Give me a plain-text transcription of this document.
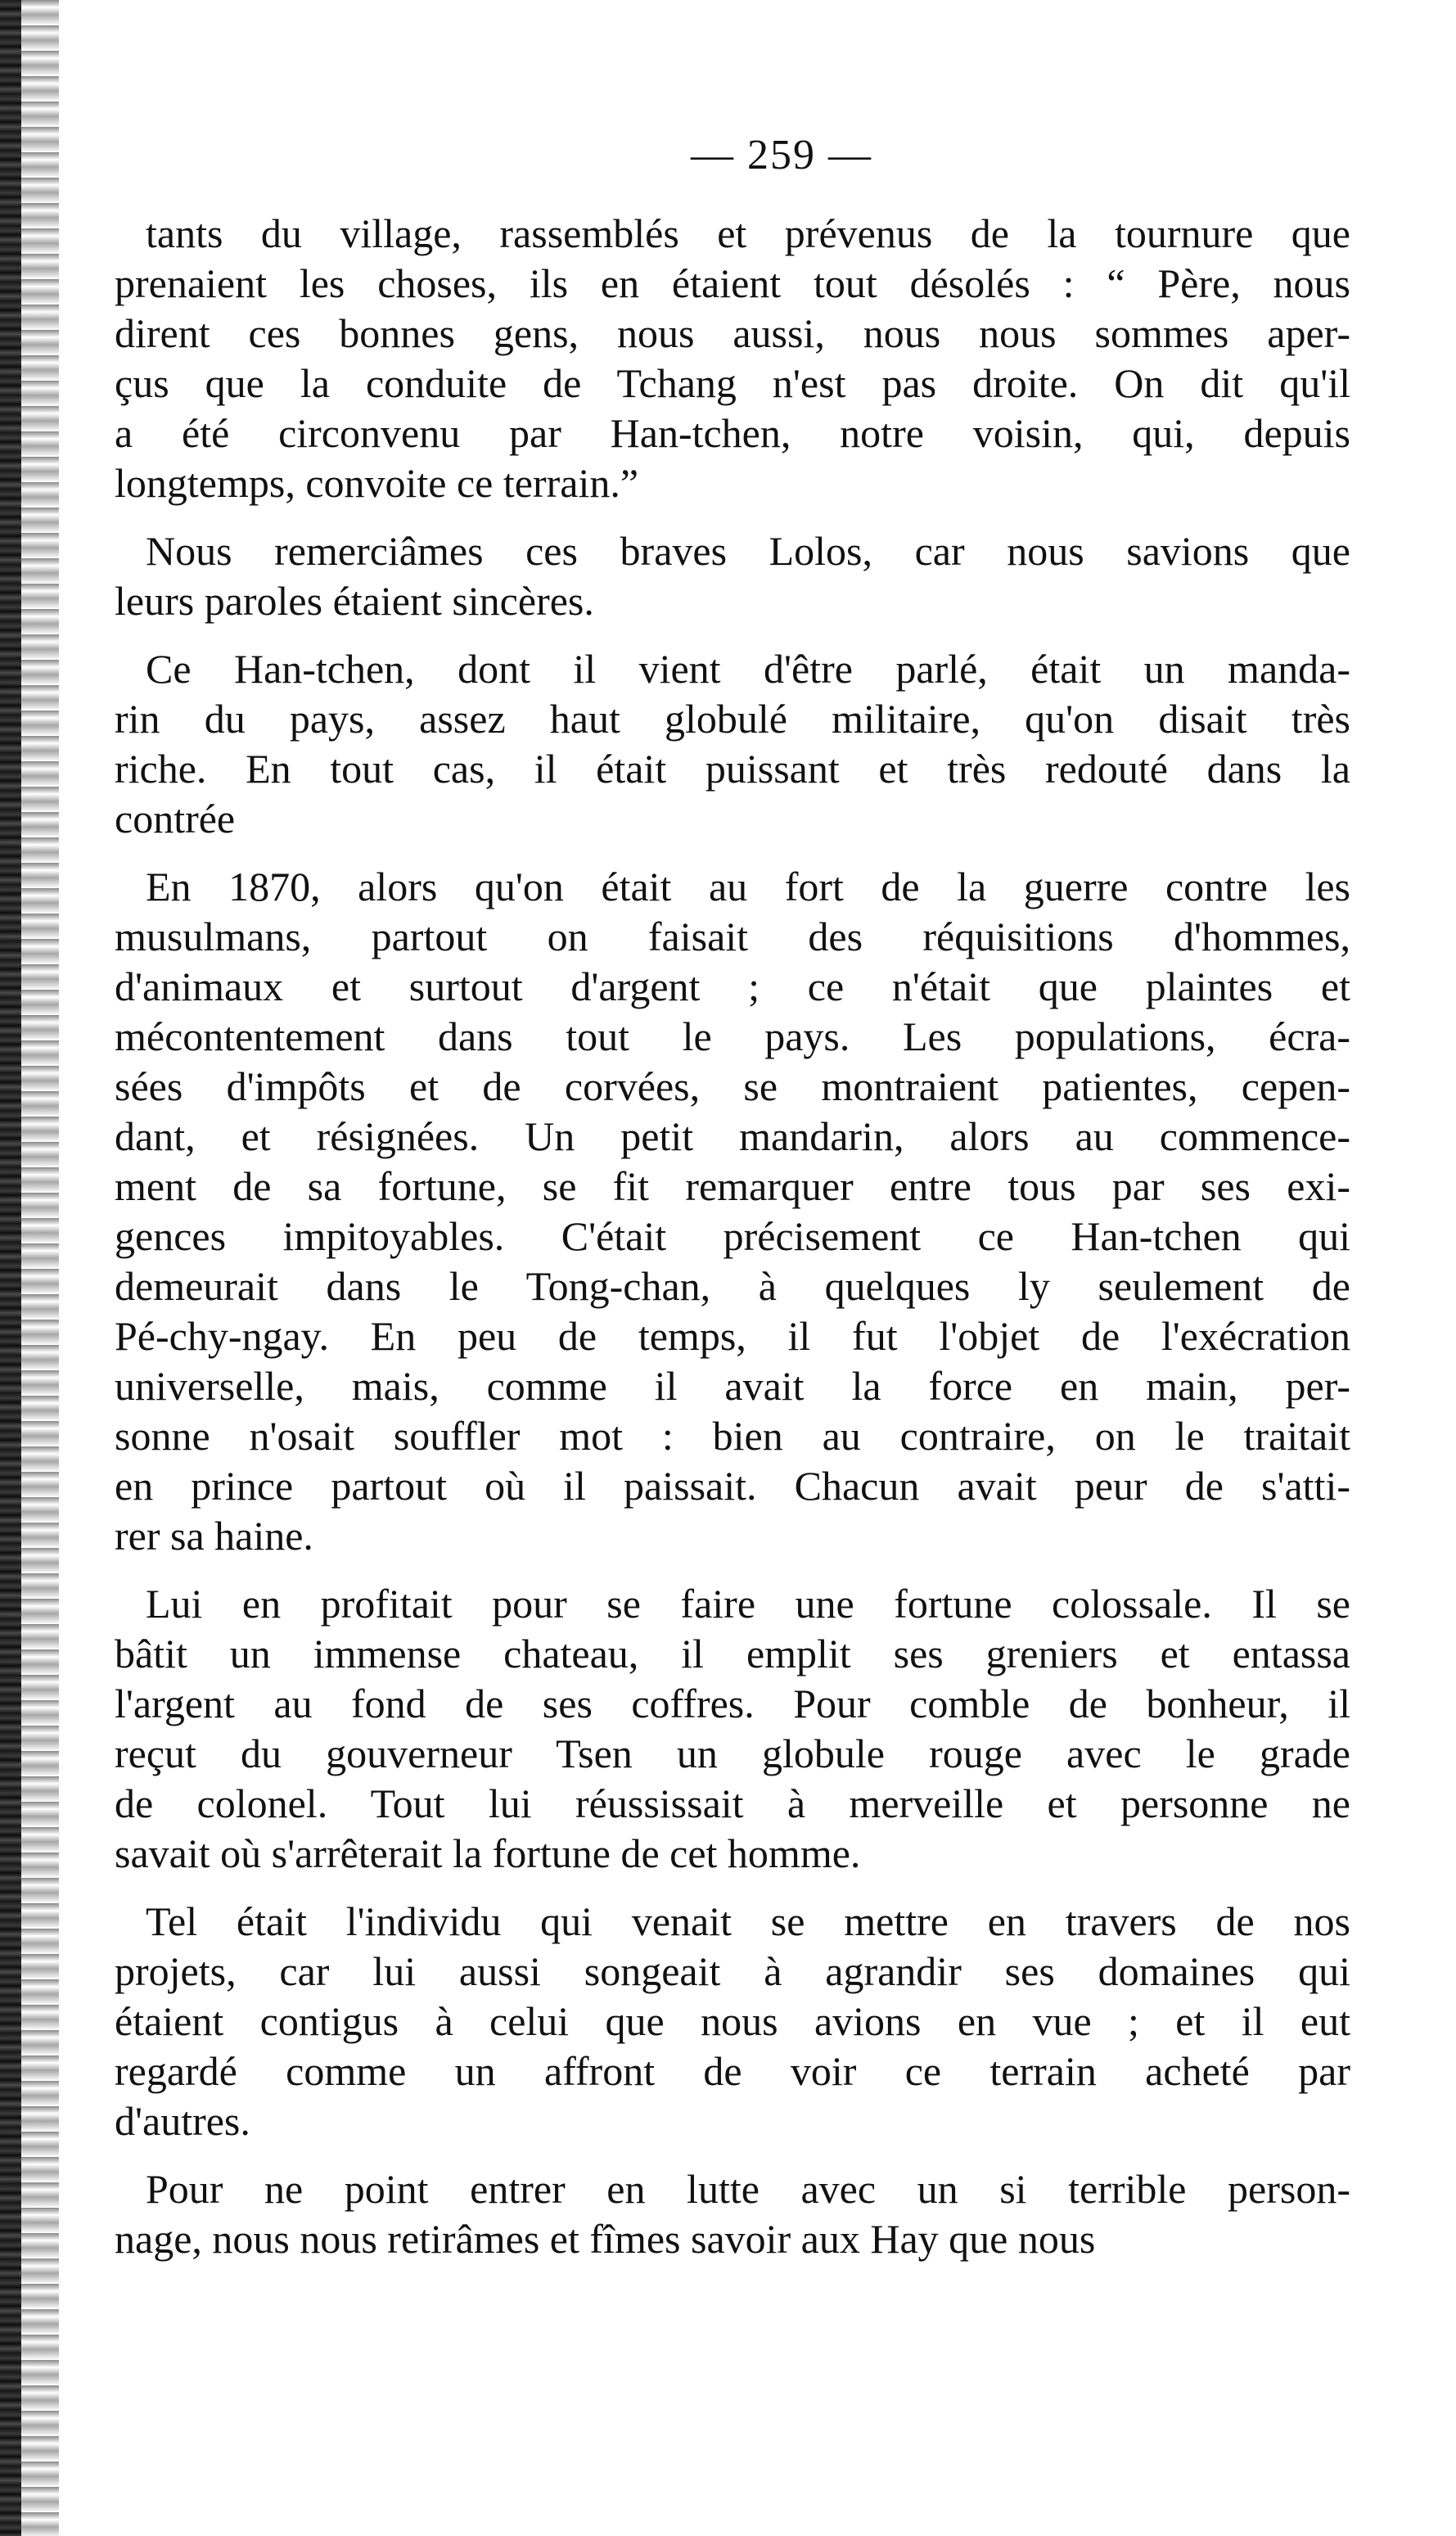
— 259 —
tants du village, rassemblés et prévenus de la tournure que
prenaient les choses, ils en étaient tout désolés : “ Père, nous
dirent ces bonnes gens, nous aussi, nous nous sommes aper-
çus que la conduite de Tchang n'est pas droite. On dit qu'il
a été circonvenu par Han-tchen, notre voisin, qui, depuis
longtemps, convoite ce terrain.”
Nous remerciâmes ces braves Lolos, car nous savions que
leurs paroles étaient sincères.
Ce Han-tchen, dont il vient d'être parlé, était un manda-
rin du pays, assez haut globulé militaire, qu'on disait très
riche. En tout cas, il était puissant et très redouté dans la
contrée
En 1870, alors qu'on était au fort de la guerre contre les
musulmans, partout on faisait des réquisitions d'hommes,
d'animaux et surtout d'argent ; ce n'était que plaintes et
mécontentement dans tout le pays. Les populations, écra-
sées d'impôts et de corvées, se montraient patientes, cepen-
dant, et résignées. Un petit mandarin, alors au commence-
ment de sa fortune, se fit remarquer entre tous par ses exi-
gences impitoyables. C'était précisement ce Han-tchen qui
demeurait dans le Tong-chan, à quelques ly seulement de
Pé-chy-ngay. En peu de temps, il fut l'objet de l'exécration
universelle, mais, comme il avait la force en main, per-
sonne n'osait souffler mot : bien au contraire, on le traitait
en prince partout où il paissait. Chacun avait peur de s'atti-
rer sa haine.
Lui en profitait pour se faire une fortune colossale. Il se
bâtit un immense chateau, il emplit ses greniers et entassa
l'argent au fond de ses coffres. Pour comble de bonheur, il
reçut du gouverneur Tsen un globule rouge avec le grade
de colonel. Tout lui réussissait à merveille et personne ne
savait où s'arrêterait la fortune de cet homme.
Tel était l'individu qui venait se mettre en travers de nos
projets, car lui aussi songeait à agrandir ses domaines qui
étaient contigus à celui que nous avions en vue ; et il eut
regardé comme un affront de voir ce terrain acheté par
d'autres.
Pour ne point entrer en lutte avec un si terrible person-
nage, nous nous retirâmes et fîmes savoir aux Hay que nous
